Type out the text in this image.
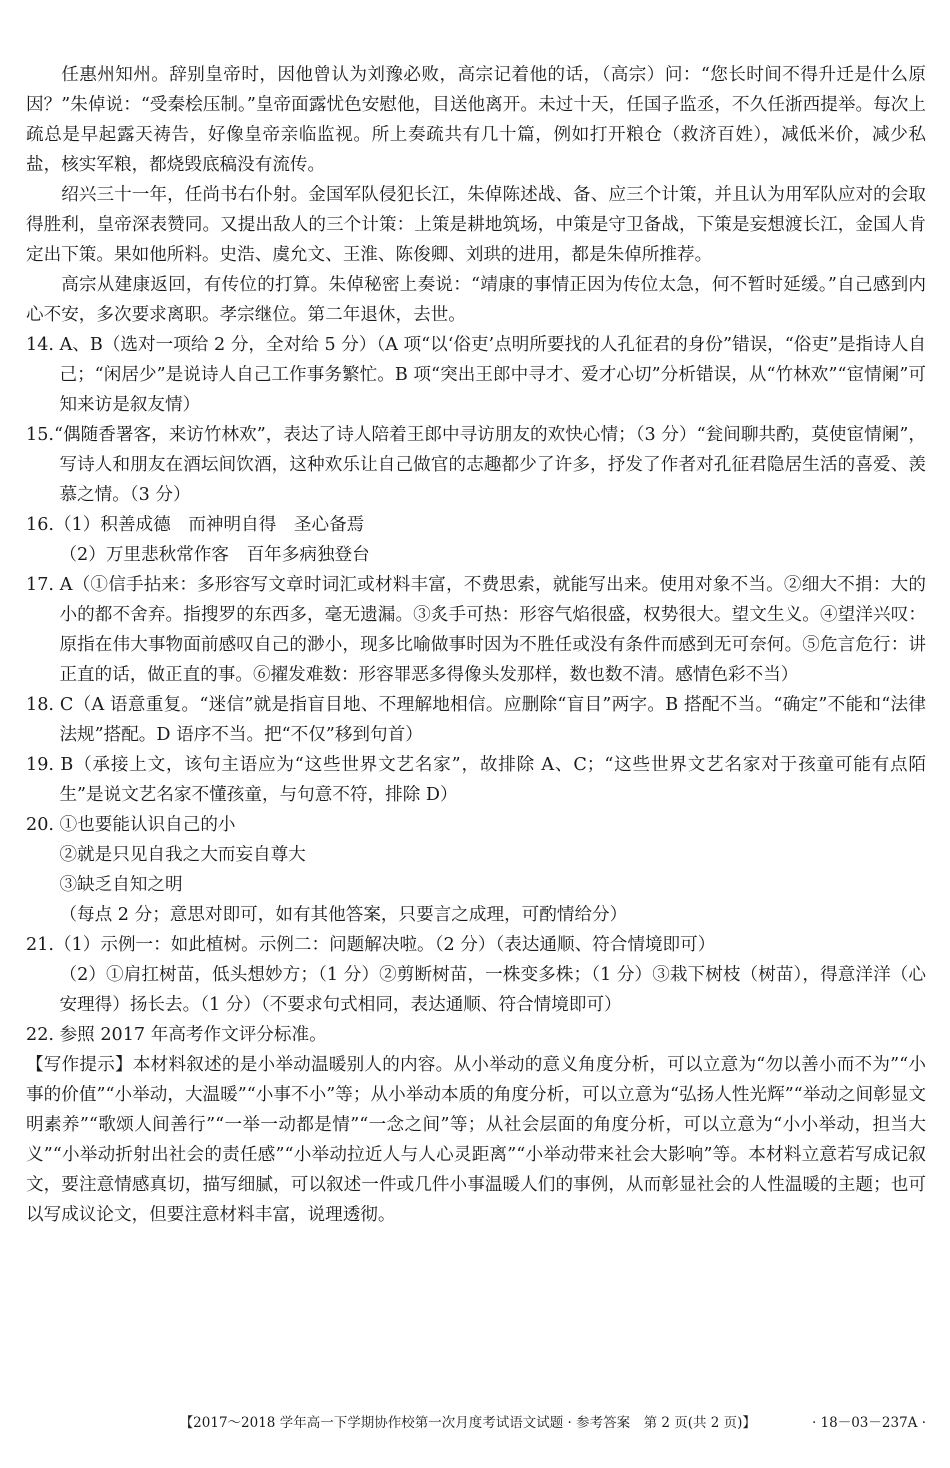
任惠州知州。辞别皇帝时，因他曾认为刘豫必败，高宗记着他的话，（高宗）问：“您长时间不得升迁是什么原因？”朱倬说：“受秦桧压制。”皇帝面露忧色安慰他，目送他离开。未过十天，任国子监丞，不久任浙西提举。每次上疏总是早起露天祷告，好像皇帝亲临监视。所上奏疏共有几十篇，例如打开粮仓（救济百姓），减低米价，减少私盐，核实军粮，都烧毁底稿没有流传。

绍兴三十一年，任尚书右仆射。金国军队侵犯长江，朱倬陈述战、备、应三个计策，并且认为用军队应对的会取得胜利，皇帝深表赞同。又提出敌人的三个计策：上策是耕地筑场，中策是守卫备战，下策是妄想渡长江，金国人肯定出下策。果如他所料。史浩、虞允文、王淮、陈俊卿、刘珙的进用，都是朱倬所推荐。

高宗从建康返回，有传位的打算。朱倬秘密上奏说：“靖康的事情正因为传位太急，何不暂时延缓。”自己感到内心不安，多次要求离职。孝宗继位。第二年退休，去世。

14. A、B（选对一项给 2 分，全对给 5 分）（A 项“以‘俗吏’点明所要找的人孔征君的身份”错误，“俗吏”是指诗人自己；“闲居少”是说诗人自己工作事务繁忙。B 项“突出王郎中寻才、爱才心切”分析错误，从“竹林欢”“宦情阑”可知来访是叙友情）

15.“偶随香署客，来访竹林欢”，表达了诗人陪着王郎中寻访朋友的欢快心情；（3 分）“瓮间聊共酌，莫使宦情阑”，写诗人和朋友在酒坛间饮酒，这种欢乐让自己做官的志趣都少了许多，抒发了作者对孔征君隐居生活的喜爱、羡慕之情。（3 分）

16.（1）积善成德　而神明自得　圣心备焉

（2）万里悲秋常作客　百年多病独登台

17. A（①信手拈来：多形容写文章时词汇或材料丰富，不费思索，就能写出来。使用对象不当。②细大不捐：大的小的都不舍弃。指搜罗的东西多，毫无遗漏。③炙手可热：形容气焰很盛，权势很大。望文生义。④望洋兴叹：原指在伟大事物面前感叹自己的渺小，现多比喻做事时因为不胜任或没有条件而感到无可奈何。⑤危言危行：讲正直的话，做正直的事。⑥擢发难数：形容罪恶多得像头发那样，数也数不清。感情色彩不当）

18. C（A 语意重复。“迷信”就是指盲目地、不理解地相信。应删除“盲目”两字。B 搭配不当。“确定”不能和“法律法规”搭配。D 语序不当。把“不仅”移到句首）

19. B（承接上文，该句主语应为“这些世界文艺名家”，故排除 A、C；“这些世界文艺名家对于孩童可能有点陌生”是说文艺名家不懂孩童，与句意不符，排除 D）

20. ①也要能认识自己的小

②就是只见自我之大而妄自尊大

③缺乏自知之明

（每点 2 分；意思对即可，如有其他答案，只要言之成理，可酌情给分）

21.（1）示例一：如此植树。示例二：问题解决啦。（2 分）（表达通顺、符合情境即可）

（2）①肩扛树苗，低头想妙方；（1 分）②剪断树苗，一株变多株；（1 分）③栽下树枝（树苗），得意洋洋（心安理得）扬长去。（1 分）（不要求句式相同，表达通顺、符合情境即可）

22. 参照 2017 年高考作文评分标准。

【写作提示】本材料叙述的是小举动温暖别人的内容。从小举动的意义角度分析，可以立意为“勿以善小而不为”“小事的价值”“小举动，大温暖”“小事不小”等；从小举动本质的角度分析，可以立意为“弘扬人性光辉”“举动之间彰显文明素养”“歌颂人间善行”“一举一动都是情”“一念之间”等；从社会层面的角度分析，可以立意为“小小举动，担当大义”“小举动折射出社会的责任感”“小举动拉近人与人心灵距离”“小举动带来社会大影响”等。本材料立意若写成记叙文，要注意情感真切，描写细腻，可以叙述一件或几件小事温暖人们的事例，从而彰显社会的人性温暖的主题；也可以写成议论文，但要注意材料丰富，说理透彻。

【2017～2018 学年高一下学期协作校第一次月度考试语文试题 · 参考答案　第 2 页(共 2 页)】	· 18－03－237A ·
